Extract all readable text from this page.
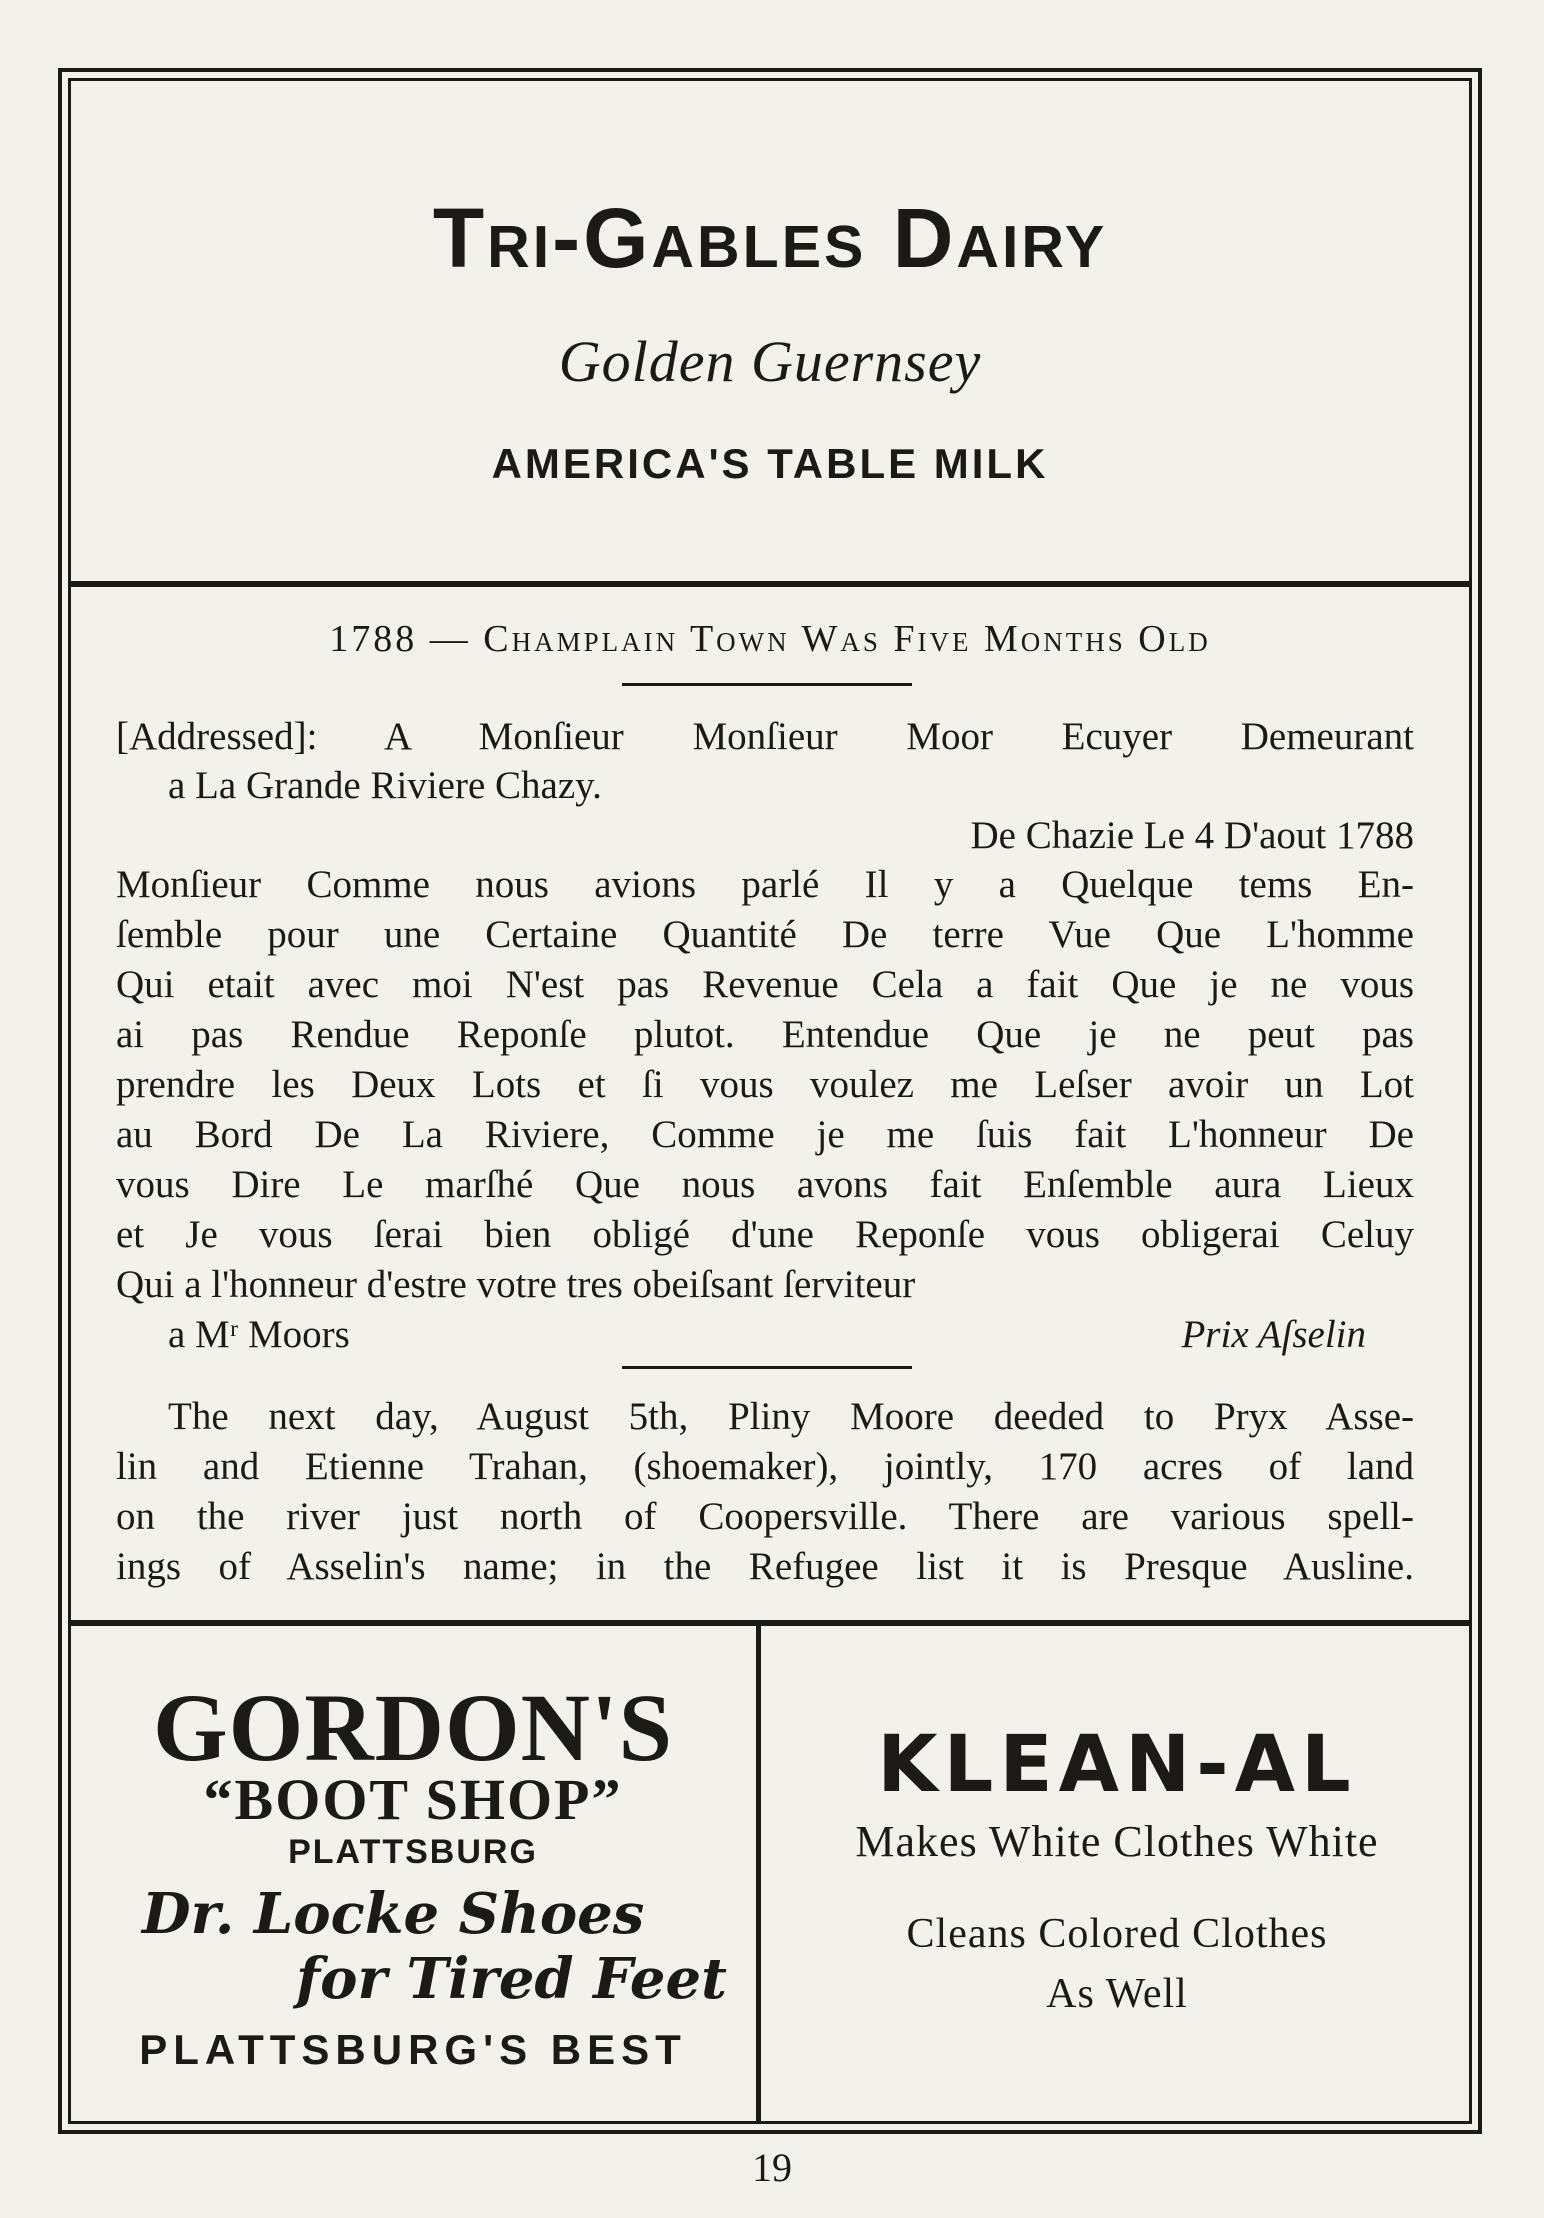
Tri-Gables Dairy
Golden Guernsey
AMERICA'S TABLE MILK
1788 — Champlain Town Was Five Months Old
[Addressed]: A Monſieur Monſieur Moor Ecuyer Demeurant
a La Grande Riviere Chazy.
De Chazie Le 4 D'aout 1788
Monſieur Comme nous avions parlé Il y a Quelque tems En-
ſemble pour une Certaine Quantité De terre Vue Que L'homme
Qui etait avec moi N'est pas Revenue Cela a fait Que je ne vous
ai pas Rendue Reponſe plutot. Entendue Que je ne peut pas
prendre les Deux Lots et ſi vous voulez me Leſser avoir un Lot
au Bord De La Riviere, Comme je me ſuis fait L'honneur De
vous Dire Le marſhé Que nous avons fait Enſemble aura Lieux
et Je vous ſerai bien obligé d'une Reponſe vous obligerai Celuy
Qui a l'honneur d'estre votre tres obeiſsant ſerviteur
a Mʳ Moors	Prix Aſselin
The next day, August 5th, Pliny Moore deeded to Pryx Asse-
lin and Etienne Trahan, (shoemaker), jointly, 170 acres of land
on the river just north of Coopersville. There are various spell-
ings of Asselin's name; in the Refugee list it is Presque Ausline.
GORDON'S
“BOOT SHOP”
PLATTSBURG
Dr. Locke Shoes
for Tired Feet
PLATTSBURG'S BEST
KLEAN-AL
Makes White Clothes White
Cleans Colored Clothes
As Well
19
